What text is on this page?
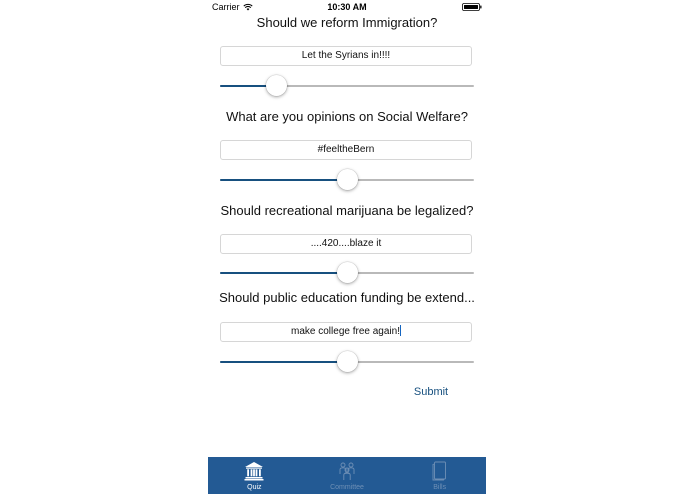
Carrier	10:30 AM
Should we reform Immigration?
Let the Syrians in!!!!
What are you opinions on Social Welfare?
#feeltheBern
Should recreational marijuana be legalized?
....420....blaze it
Should public education funding be extend...
make college free again!
Submit
Quiz	Committee	Bills
